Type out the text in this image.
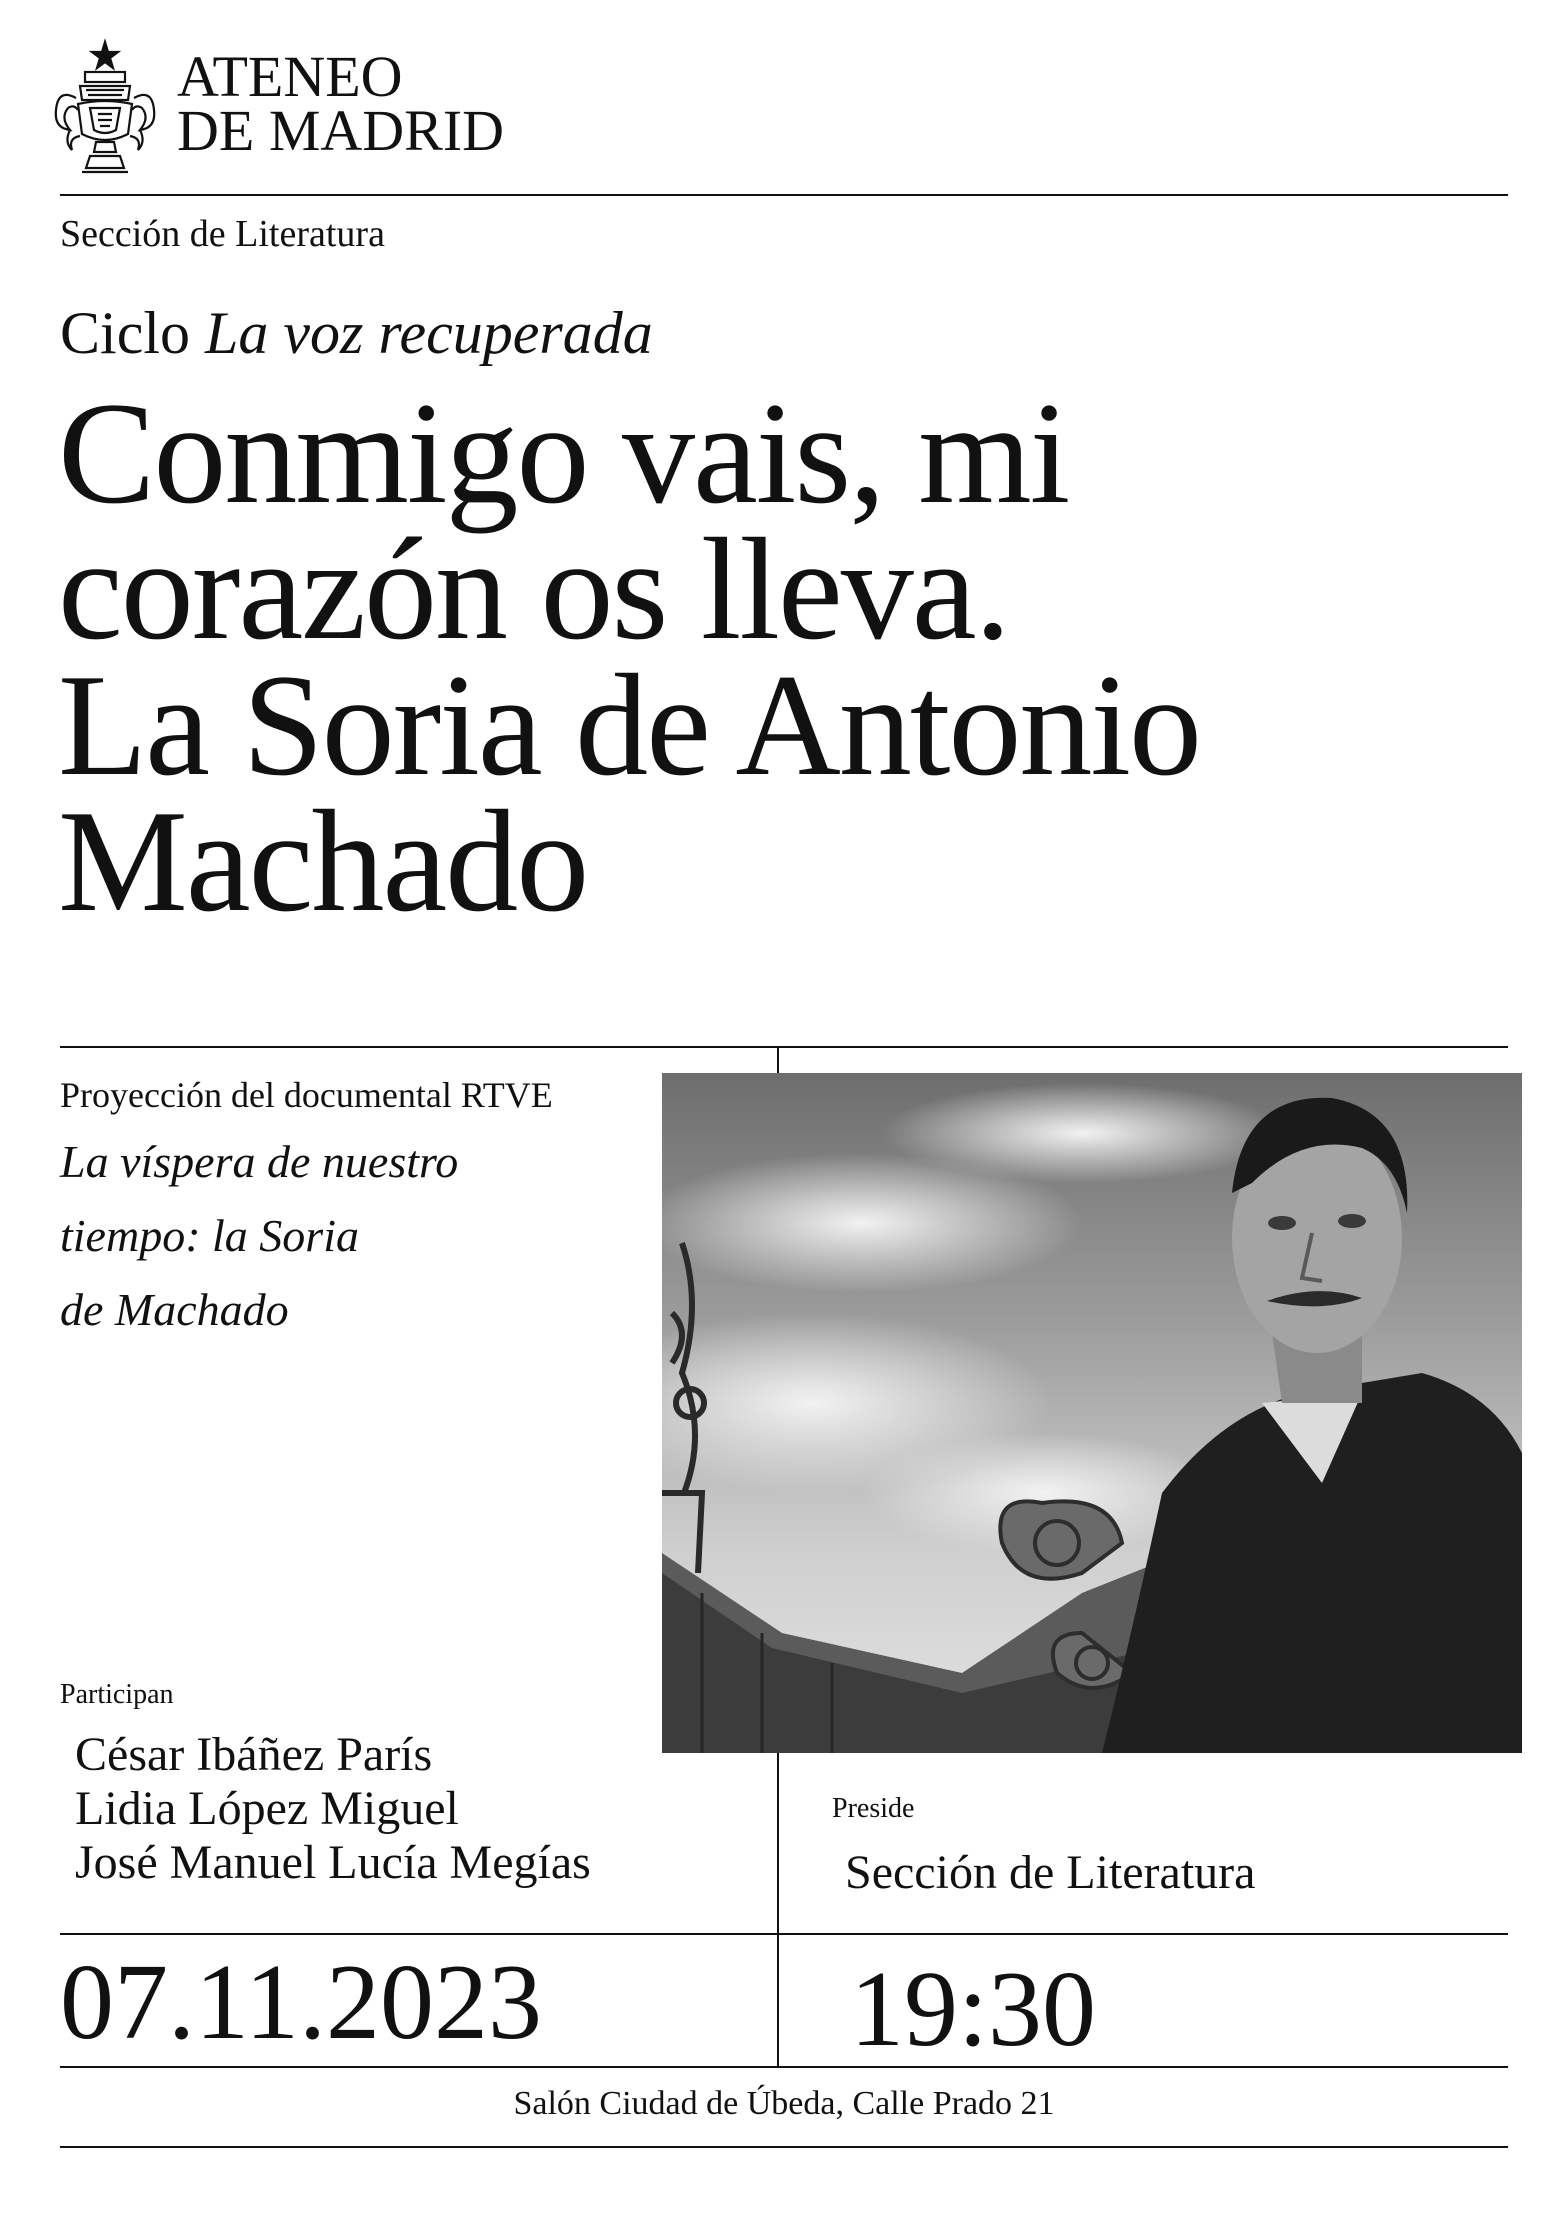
ATENEO
DE MADRID
Sección de Literatura
Ciclo La voz recuperada
Conmigo vais, mi
corazón os lleva.
La Soria de Antonio
Machado
Proyección del documental RTVE
La víspera de nuestro
tiempo: la Soria
de Machado
Participan
César Ibáñez París
Lidia López Miguel
José Manuel Lucía Megías
Preside
Sección de Literatura
07.11.2023	19:30
Salón Ciudad de Úbeda, Calle Prado 21
